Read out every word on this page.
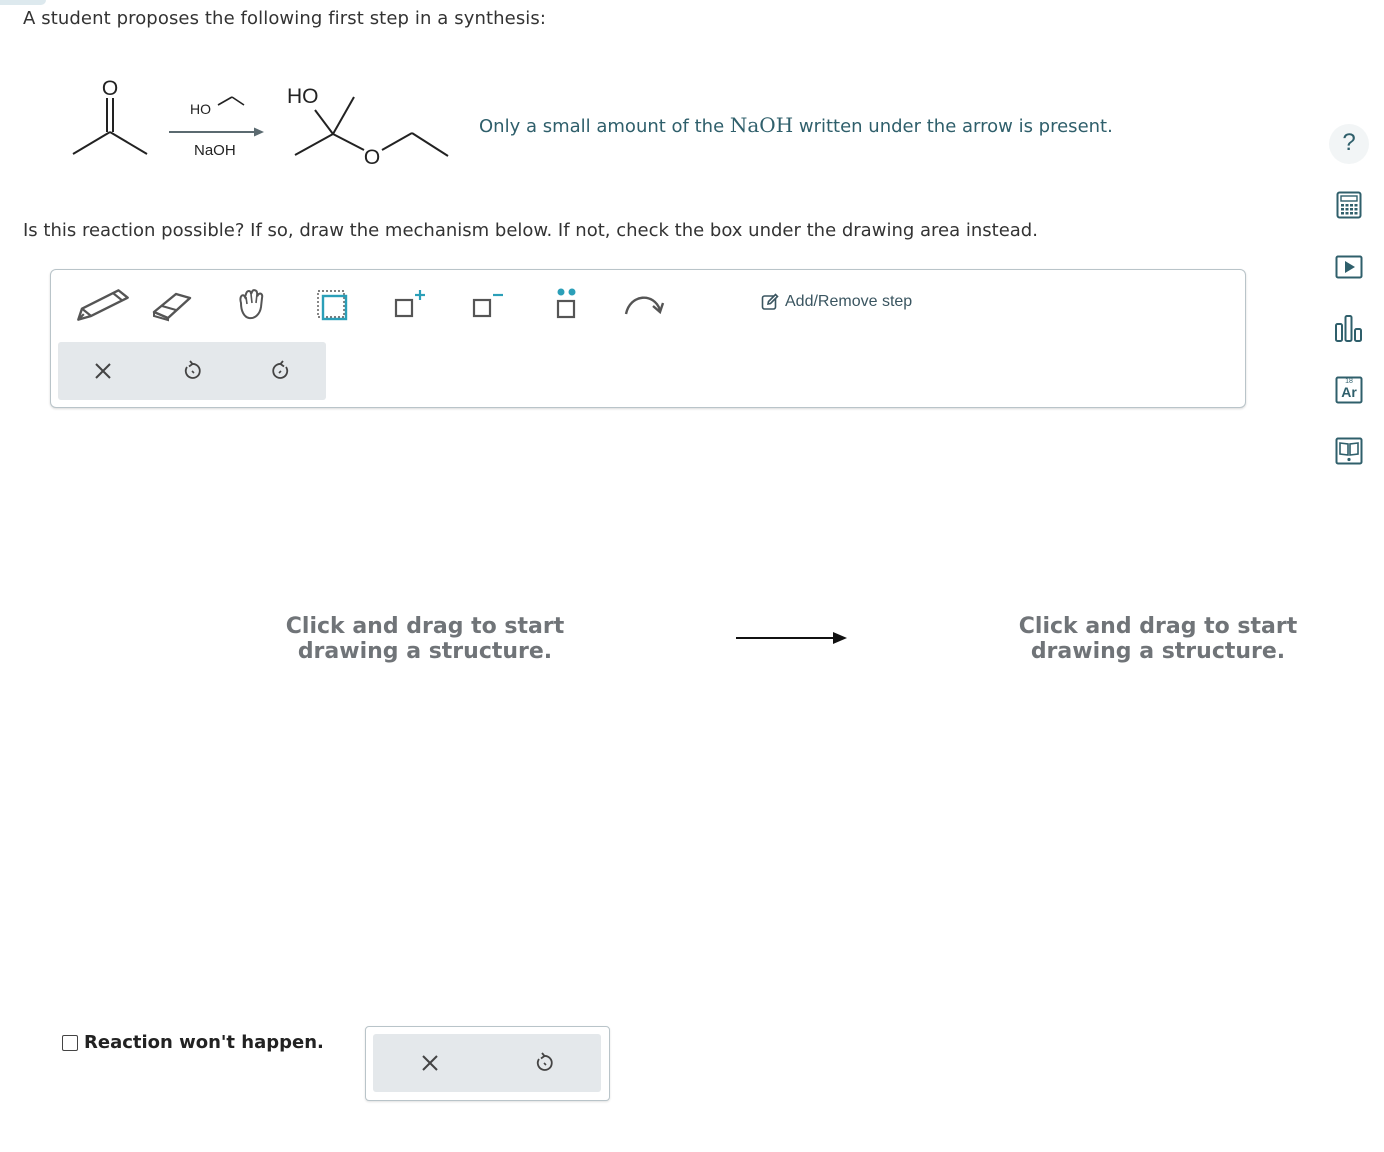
A student proposes the following first step in a synthesis:
O
HO
NaOH
HO
O
Only a small amount of the NaOH written under the arrow is present.
Is this reaction possible? If so, draw the mechanism below. If not, check the box under the drawing area instead.
Add/Remove step
Click and drag to start
drawing a structure.
Click and drag to start
drawing a structure.
Reaction won't happen.
?
18
Ar
